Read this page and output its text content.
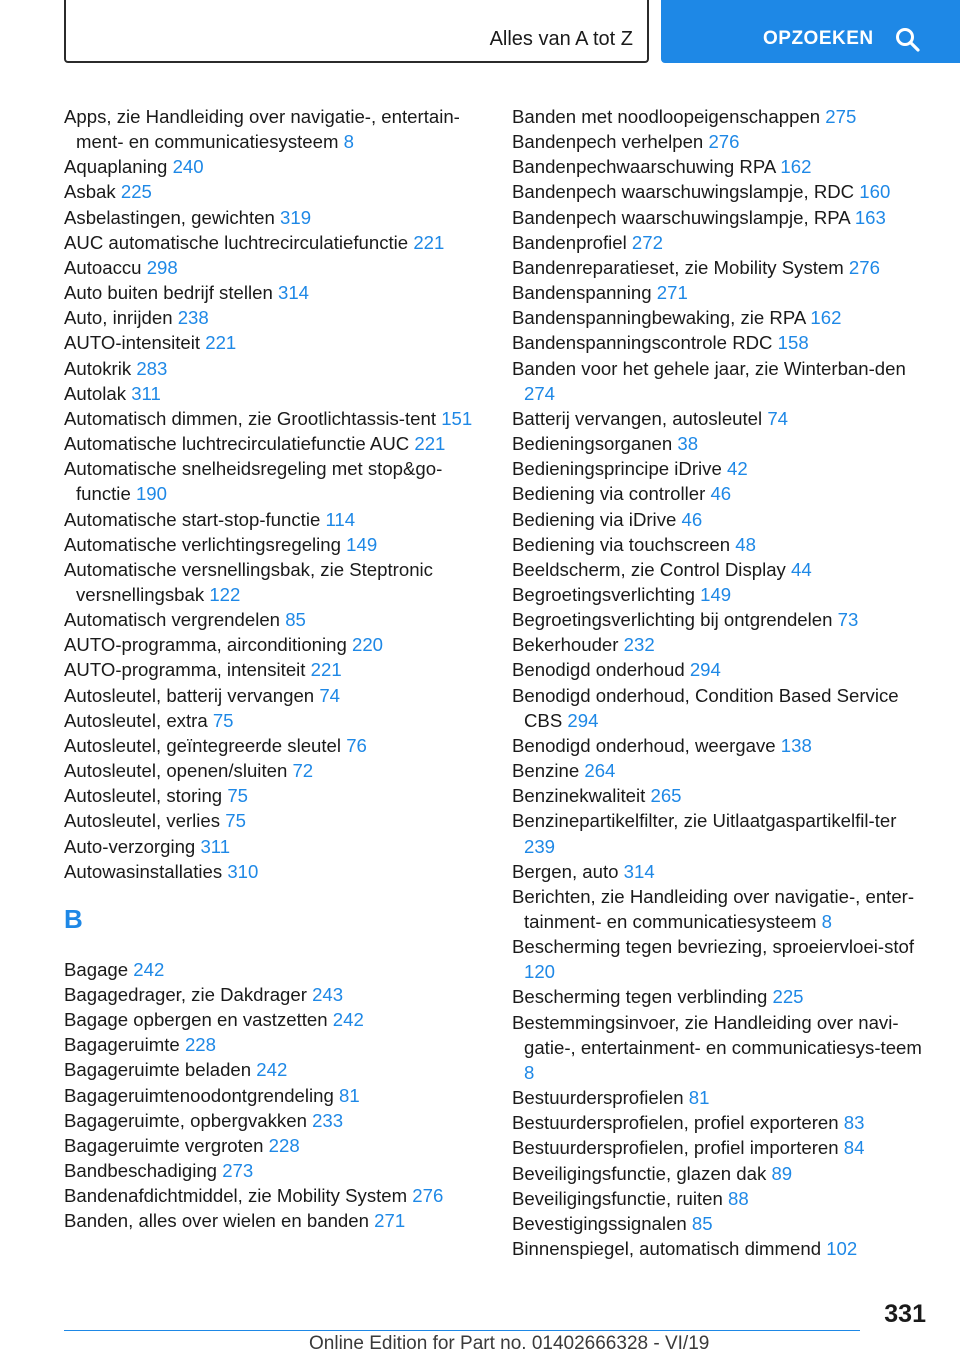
Alles van A tot Z	OPZOEKEN
Apps, zie Handleiding over navigatie-, entertain-ment- en communicatiesysteem 8
Aquaplaning 240
Asbak 225
Asbelastingen, gewichten 319
AUC automatische luchtrecirculatiefunctie 221
Autoaccu 298
Auto buiten bedrijf stellen 314
Auto, inrijden 238
AUTO-intensiteit 221
Autokrik 283
Autolak 311
Automatisch dimmen, zie Grootlichtassis-tent 151
Automatische luchtrecirculatiefunctie AUC 221
Automatische snelheidsregeling met stop&go-functie 190
Automatische start-stop-functie 114
Automatische verlichtingsregeling 149
Automatische versnellingsbak, zie Steptronic versnellingsbak 122
Automatisch vergrendelen 85
AUTO-programma, airconditioning 220
AUTO-programma, intensiteit 221
Autosleutel, batterij vervangen 74
Autosleutel, extra 75
Autosleutel, geïntegreerde sleutel 76
Autosleutel, openen/sluiten 72
Autosleutel, storing 75
Autosleutel, verlies 75
Auto-verzorging 311
Autowasinstallaties 310
B
Bagage 242
Bagagedrager, zie Dakdrager 243
Bagage opbergen en vastzetten 242
Bagageruimte 228
Bagageruimte beladen 242
Bagageruimtenoodontgrendeling 81
Bagageruimte, opbergvakken 233
Bagageruimte vergroten 228
Bandbeschadiging 273
Bandenafdichtmiddel, zie Mobility System 276
Banden, alles over wielen en banden 271
Banden met noodloopeigenschappen 275
Bandenpech verhelpen 276
Bandenpechwaarschuwing RPA 162
Bandenpech waarschuwingslampje, RDC 160
Bandenpech waarschuwingslampje, RPA 163
Bandenprofiel 272
Bandenreparatieset, zie Mobility System 276
Bandenspanning 271
Bandenspanningbewaking, zie RPA 162
Bandenspanningscontrole RDC 158
Banden voor het gehele jaar, zie Winterban-den 274
Batterij vervangen, autosleutel 74
Bedieningsorganen 38
Bedieningsprincipe iDrive 42
Bediening via controller 46
Bediening via iDrive 46
Bediening via touchscreen 48
Beeldscherm, zie Control Display 44
Begroetingsverlichting 149
Begroetingsverlichting bij ontgrendelen 73
Bekerhouder 232
Benodigd onderhoud 294
Benodigd onderhoud, Condition Based Service CBS 294
Benodigd onderhoud, weergave 138
Benzine 264
Benzinekwaliteit 265
Benzinepartikelfilter, zie Uitlaatgaspartikelfil-ter 239
Bergen, auto 314
Berichten, zie Handleiding over navigatie-, enter-tainment- en communicatiesysteem 8
Bescherming tegen bevriezing, sproeiervloei-stof 120
Bescherming tegen verblinding 225
Bestemmingsinvoer, zie Handleiding over navi-gatie-, entertainment- en communicatiesys-teem 8
Bestuurdersprofielen 81
Bestuurdersprofielen, profiel exporteren 83
Bestuurdersprofielen, profiel importeren 84
Beveiligingsfunctie, glazen dak 89
Beveiligingsfunctie, ruiten 88
Bevestigingssignalen 85
Binnenspiegel, automatisch dimmend 102
331
Online Edition for Part no. 01402666328 - VI/19
